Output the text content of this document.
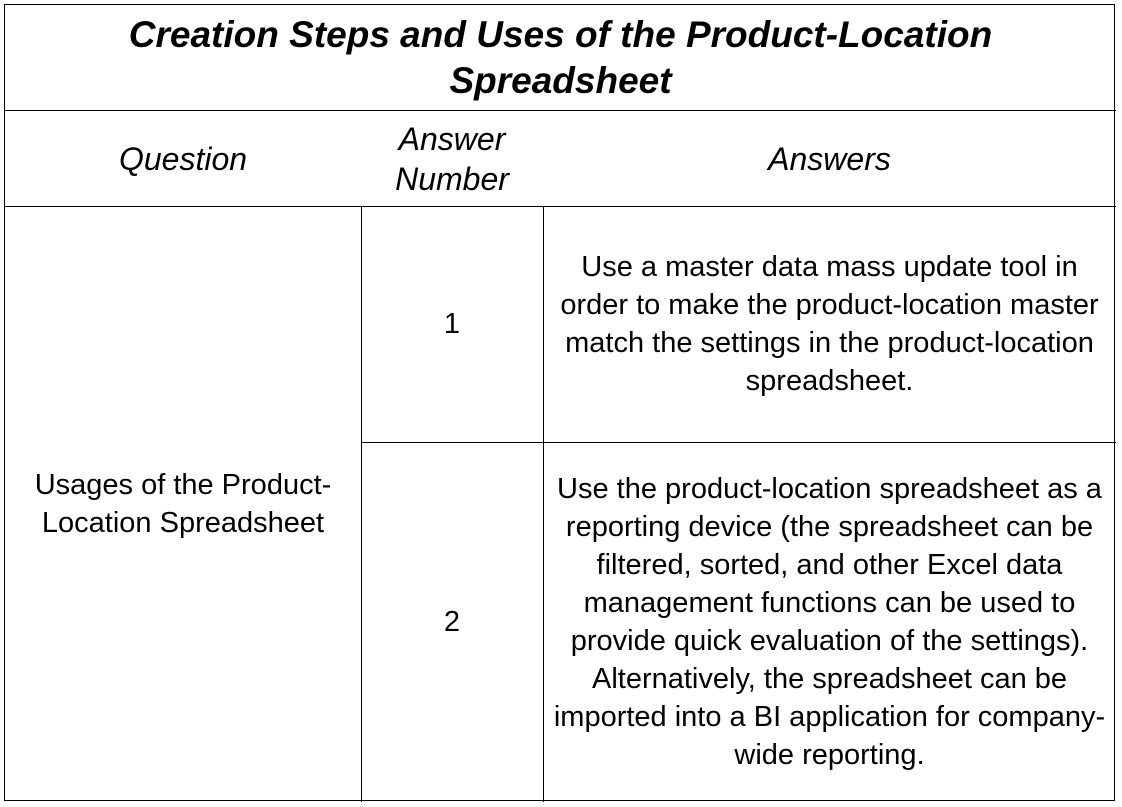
Creation Steps and Uses of the Product-Location Spreadsheet
Question
Answer Number
Answers
Usages of the Product-Location Spreadsheet
1
Use a master data mass update tool in order to make the product-location master match the settings in the product-location spreadsheet.
2
Use the product-location spreadsheet as a reporting device (the spreadsheet can be filtered, sorted, and other Excel data management functions can be used to provide quick evaluation of the settings). Alternatively, the spreadsheet can be imported into a BI application for company-wide reporting.
